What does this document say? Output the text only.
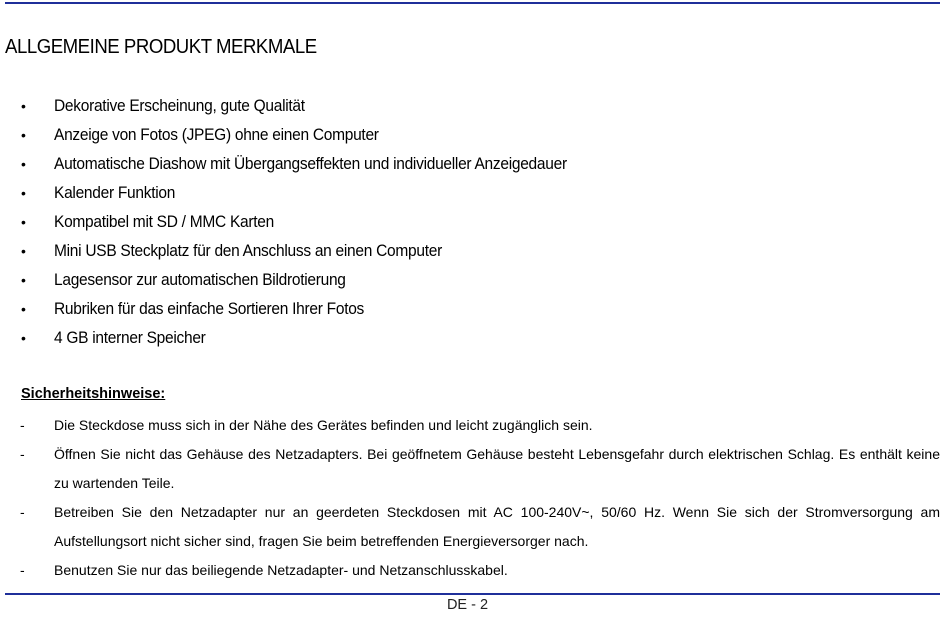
ALLGEMEINE PRODUKT MERKMALE
• Dekorative Erscheinung, gute Qualität
• Anzeige von Fotos (JPEG) ohne einen Computer
• Automatische Diashow mit Übergangseffekten und individueller Anzeigedauer
• Kalender Funktion
• Kompatibel mit SD / MMC Karten
• Mini USB Steckplatz für den Anschluss an einen Computer
• Lagesensor zur automatischen Bildrotierung
• Rubriken für das einfache Sortieren Ihrer Fotos
• 4 GB interner Speicher
Sicherheitshinweise:
- Die Steckdose muss sich in der Nähe des Gerätes befinden und leicht zugänglich sein.
- Öffnen Sie nicht das Gehäuse des Netzadapters. Bei geöffnetem Gehäuse besteht Lebensgefahr durch elektrischen Schlag. Es enthält keine zu wartenden Teile.
- Betreiben Sie den Netzadapter nur an geerdeten Steckdosen mit AC 100-240V~, 50/60 Hz. Wenn Sie sich der Stromversorgung am Aufstellungsort nicht sicher sind, fragen Sie beim betreffenden Energieversorger nach.
- Benutzen Sie nur das beiliegende Netzadapter- und Netzanschlusskabel.
DE - 2
